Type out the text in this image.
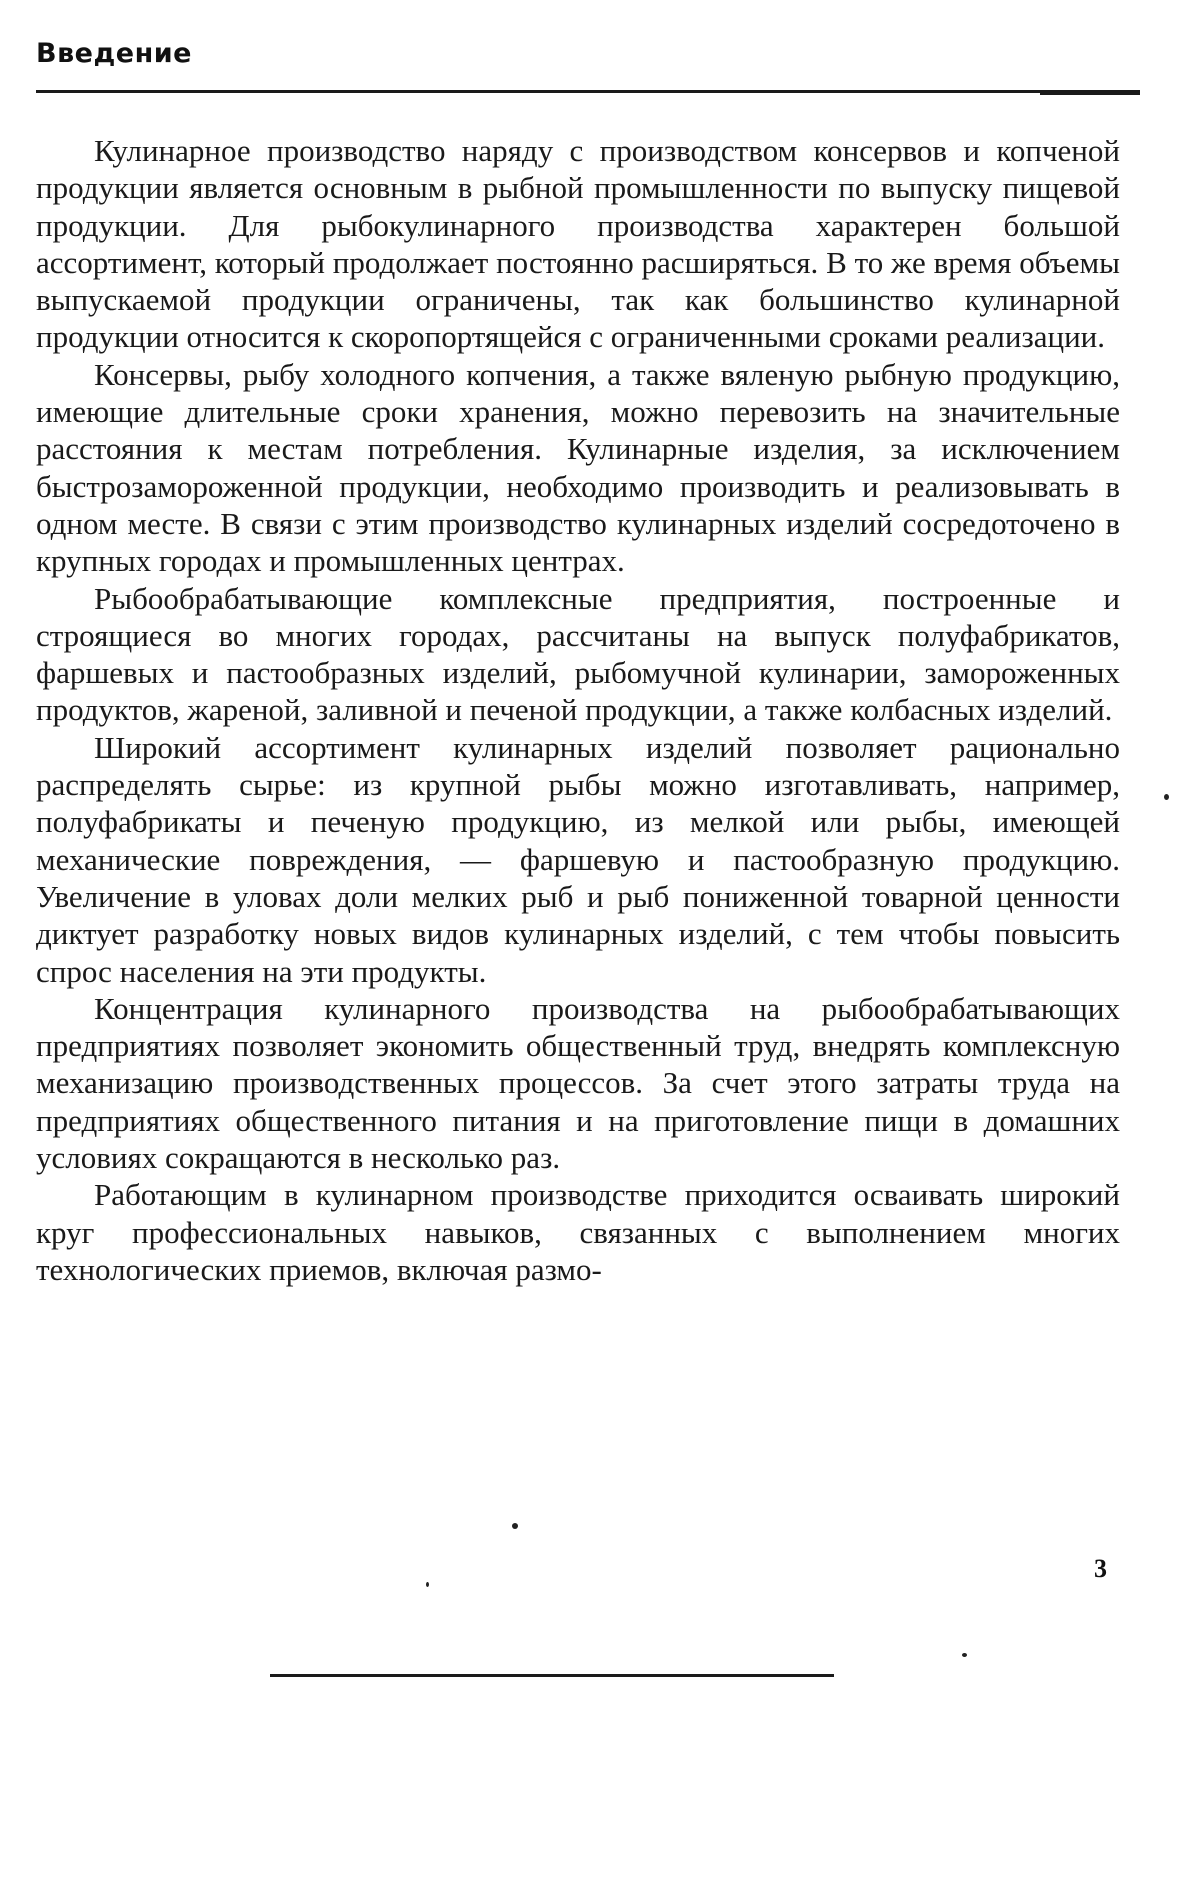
Введение

Кулинарное производство наряду с производством консервов и копченой продукции является основным в рыбной промышленности по выпуску пищевой продукции. Для рыбокулинарного производства характерен большой ассортимент, который продолжает постоянно расширяться. В то же время объемы выпускаемой продукции ограничены, так как большинство кулинарной продукции относится к скоропортящейся с ограниченными сроками реализации.

Консервы, рыбу холодного копчения, а также вяленую рыбную продукцию, имеющие длительные сроки хранения, можно перевозить на значительные расстояния к местам потребления. Кулинарные изделия, за исключением быстрозамороженной продукции, необходимо производить и реализовывать в одном месте. В связи с этим производство кулинарных изделий сосредоточено в крупных городах и промышленных центрах.

Рыбообрабатывающие комплексные предприятия, построенные и строящиеся во многих городах, рассчитаны на выпуск полуфабрикатов, фаршевых и пастообразных изделий, рыбомучной кулинарии, замороженных продуктов, жареной, заливной и печеной продукции, а также колбасных изделий.

Широкий ассортимент кулинарных изделий позволяет рационально распределять сырье: из крупной рыбы можно изготавливать, например, полуфабрикаты и печеную продукцию, из мелкой или рыбы, имеющей механические повреждения, — фаршевую и пастообразную продукцию. Увеличение в уловах доли мелких рыб и рыб пониженной товарной ценности диктует разработку новых видов кулинарных изделий, с тем чтобы повысить спрос населения на эти продукты.

Концентрация кулинарного производства на рыбообрабатывающих предприятиях позволяет экономить общественный труд, внедрять комплексную механизацию производственных процессов. За счет этого затраты труда на предприятиях общественного питания и на приготовление пищи в домашних условиях сокращаются в несколько раз.

Работающим в кулинарном производстве приходится осваивать широкий круг профессиональных навыков, связанных с выполнением многих технологических приемов, включая размо-

3
